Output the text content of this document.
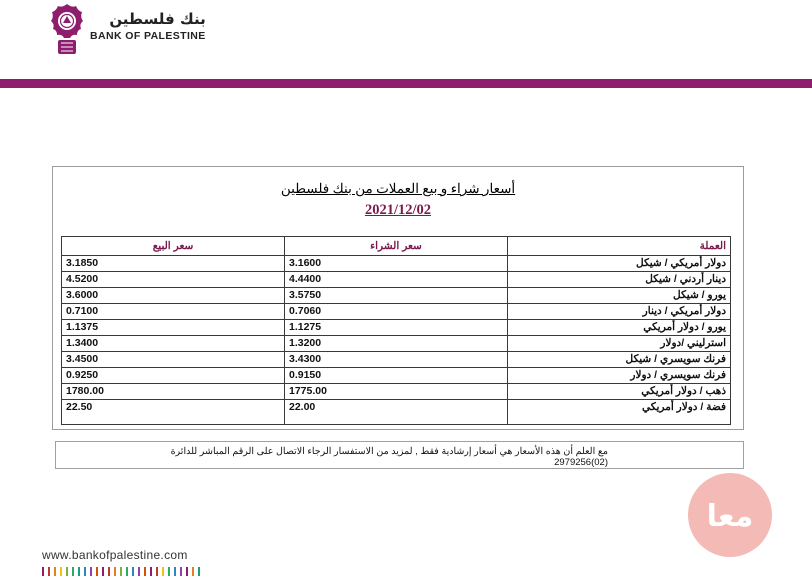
بنك فلسطين
BANK OF PALESTINE
أسعار شراء و بيع العملات من بنك فلسطين
2021/12/02
سعر البيع	سعر الشراء	العملة
3.1850	3.1600	دولار أمريكي / شيكل
4.5200	4.4400	دينار أردني / شيكل
3.6000	3.5750	يورو / شيكل
0.7100	0.7060	دولار أمريكي / دينار
1.1375	1.1275	يورو / دولار أمريكي
1.3400	1.3200	استرليني /دولار
3.4500	3.4300	فرنك سويسري / شيكل
0.9250	0.9150	فرنك سويسري / دولار
1780.00	1775.00	ذهب / دولار أمريكي
22.50	22.00	فضة / دولار أمريكي
مع العلم أن هذه الأسعار هي أسعار إرشادية فقط , لمزيد من الاستفسار الرجاء الاتصال على الرقم المباشر للدائرة (02)2979256
معا
www.bankofpalestine.com
